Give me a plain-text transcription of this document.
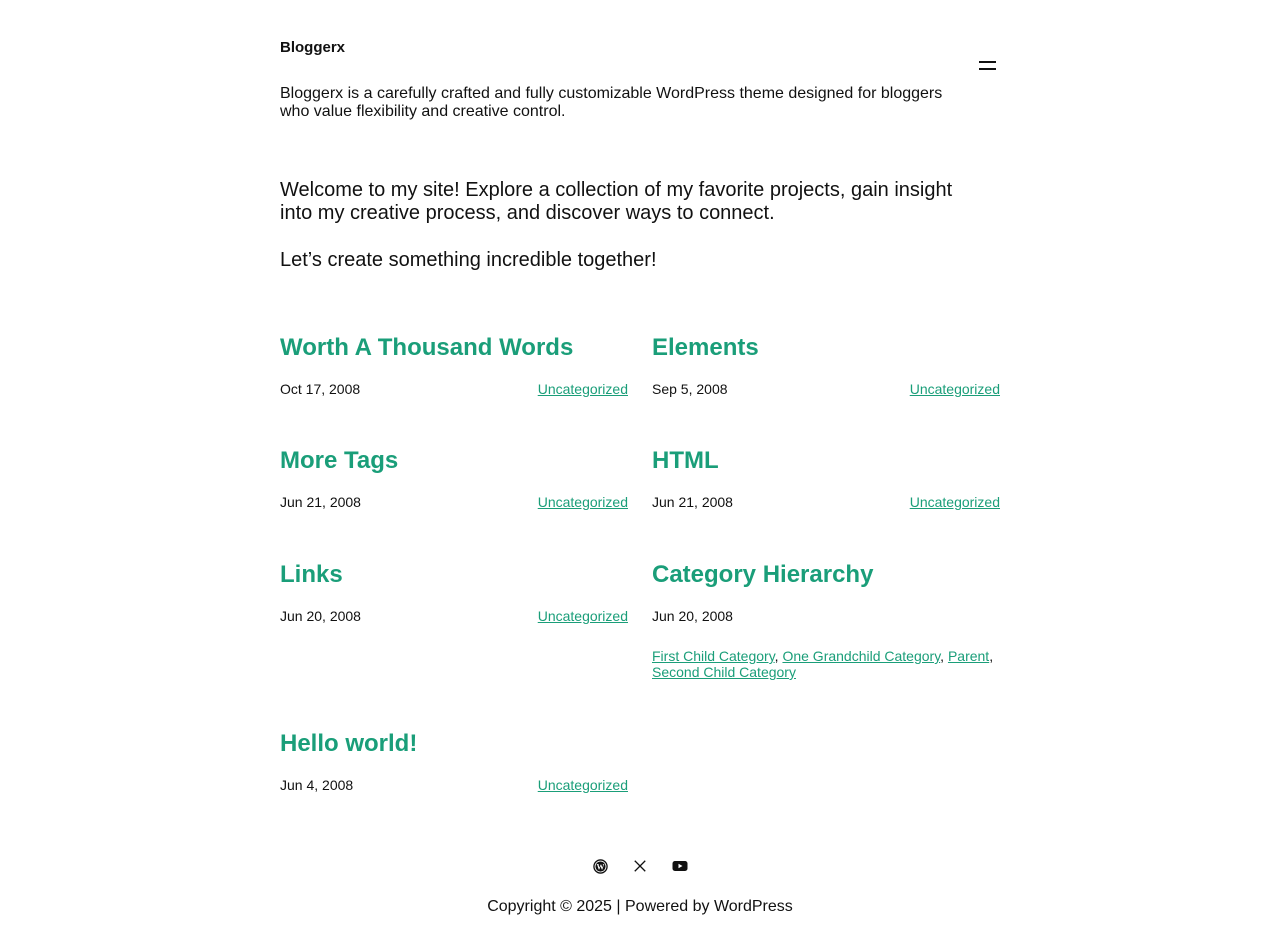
Bloggerx

Bloggerx is a carefully crafted and fully customizable WordPress theme designed for bloggers who value flexibility and creative control.

Welcome to my site! Explore a collection of my favorite projects, gain insight into my creative process, and discover ways to connect.

Let’s create something incredible together!

Worth A Thousand Words
Oct 17, 2008	Uncategorized
Elements
Sep 5, 2008	Uncategorized
More Tags
Jun 21, 2008	Uncategorized
HTML
Jun 21, 2008	Uncategorized
Links
Jun 20, 2008	Uncategorized
Category Hierarchy
Jun 20, 2008
First Child Category, One Grandchild Category, Parent, Second Child Category
Hello world!
Jun 4, 2008	Uncategorized
W
Copyright © 2025 | Powered by WordPress
